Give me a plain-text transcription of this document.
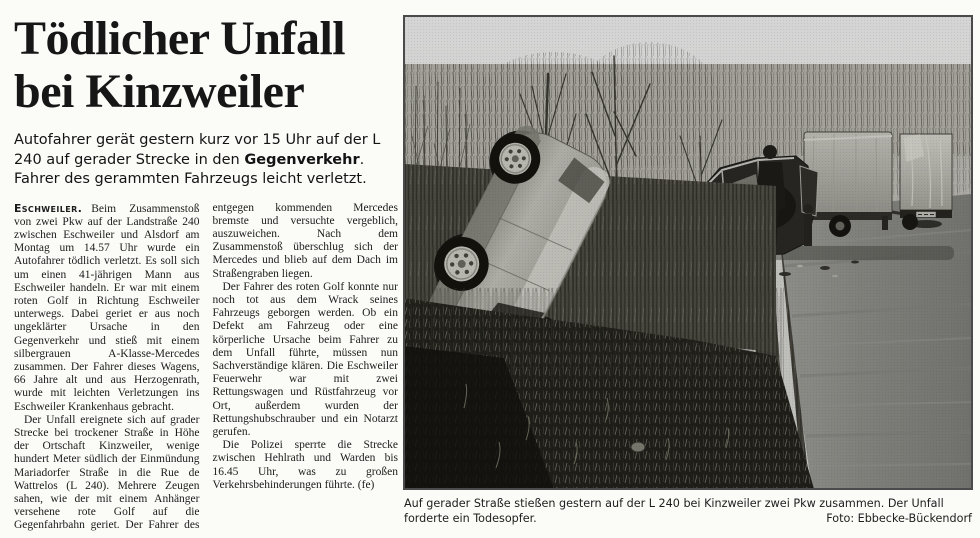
Tödlicher Unfall
bei Kinzweiler

Autofahrer gerät gestern kurz vor 15 Uhr auf der L 240 auf gerader Strecke in den Gegenverkehr. Fahrer des gerammten Fahrzeugs leicht verletzt.

Eschweiler. Beim Zusammenstoß von zwei Pkw auf der Landstraße 240 zwischen Eschweiler und Alsdorf am Montag um 14.57 Uhr wurde ein Autofahrer tödlich verletzt. Es soll sich um einen 41-jährigen Mann aus Eschweiler handeln. Er war mit einem roten Golf in Richtung Eschweiler unterwegs. Dabei geriet er aus noch ungeklärter Ursache in den Gegenverkehr und stieß mit einem silbergrauen A-Klasse-Mercedes zusammen. Der Fahrer dieses Wagens, 66 Jahre alt und aus Herzogenrath, wurde mit leichten Verletzungen ins Eschweiler Krankenhaus gebracht.

Der Unfall ereignete sich auf grader Strecke bei trockener Straße in Höhe der Ortschaft Kinzweiler, wenige hundert Meter südlich der Einmündung Mariadorfer Straße in die Rue de Wattrelos (L 240). Mehrere Zeugen sahen, wie der mit einem Anhänger versehene rote Golf auf die Gegenfahrbahn geriet. Der Fahrer des entgegen kommenden Mercedes bremste und versuchte vergeblich, auszuweichen. Nach dem Zusammenstoß überschlug sich der Mercedes und blieb auf dem Dach im Straßengraben liegen.

Der Fahrer des roten Golf konnte nur noch tot aus dem Wrack seines Fahrzeugs geborgen werden. Ob ein Defekt am Fahrzeug oder eine körperliche Ursache beim Fahrer zu dem Unfall führte, müssen nun Sachverständige klären. Die Eschweiler Feuerwehr war mit zwei Rettungswagen und Rüstfahrzeug vor Ort, außerdem wurden der Rettungshubschrauber und ein Notarzt gerufen.

Die Polizei sperrte die Strecke zwischen Hehlrath und Warden bis 16.45 Uhr, was zu großen Verkehrsbehinderungen führte. (fe)

Foto: Ebbecke-Bückendorf
Auf gerader Straße stießen gestern auf der L 240 bei Kinzweiler zwei Pkw zusammen. Der Unfall forderte ein Todesopfer.
